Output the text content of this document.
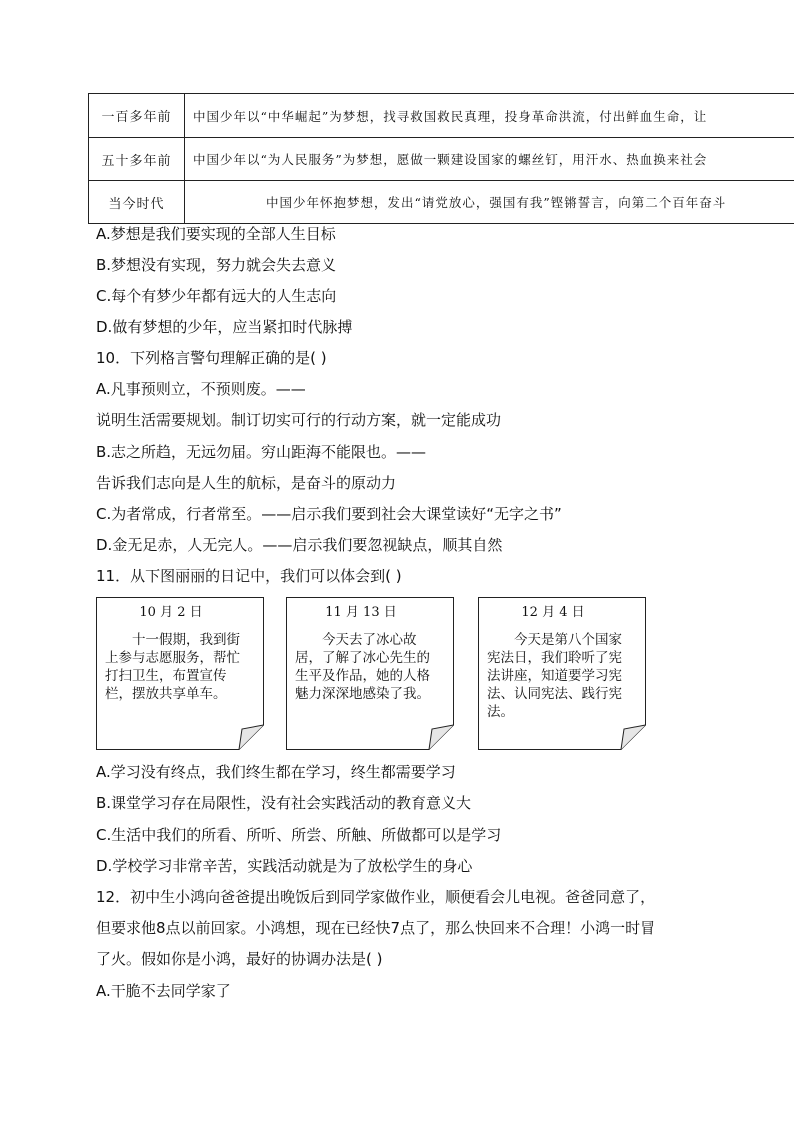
一百多年前	中国少年以“中华崛起”为梦想，找寻救国救民真理，投身革命洪流，付出鲜血生命，让
五十多年前	中国少年以“为人民服务”为梦想，愿做一颗建设国家的螺丝钉，用汗水、热血换来社会
当今时代	中国少年怀抱梦想，发出“请党放心，强国有我”铿锵誓言，向第二个百年奋斗
A.梦想是我们要实现的全部人生目标
B.梦想没有实现，努力就会失去意义
C.每个有梦少年都有远大的人生志向
D.做有梦想的少年，应当紧扣时代脉搏
10．下列格言警句理解正确的是( )
A.凡事预则立，不预则废。——
说明生活需要规划。制订切实可行的行动方案，就一定能成功
B.志之所趋，无远勿届。穷山距海不能限也。——
告诉我们志向是人生的航标，是奋斗的原动力
C.为者常成，行者常至。——启示我们要到社会大课堂读好“无字之书”
D.金无足赤，人无完人。——启示我们要忽视缺点，顺其自然
11．从下图丽丽的日记中，我们可以体会到( )
10 月 2 日
十一假期，我到街上参与志愿服务，帮忙打扫卫生，布置宣传栏，摆放共享单车。
11 月 13 日
今天去了冰心故居，了解了冰心先生的生平及作品，她的人格魅力深深地感染了我。
12 月 4 日
今天是第八个国家宪法日，我们聆听了宪法讲座，知道要学习宪法、认同宪法、践行宪法。
A.学习没有终点，我们终生都在学习，终生都需要学习
B.课堂学习存在局限性，没有社会实践活动的教育意义大
C.生活中我们的所看、所听、所尝、所触、所做都可以是学习
D.学校学习非常辛苦，实践活动就是为了放松学生的身心
12．初中生小鸿向爸爸提出晚饭后到同学家做作业，顺便看会儿电视。爸爸同意了，
但要求他8点以前回家。小鸿想，现在已经快7点了，那么快回来不合理！小鸿一时冒
了火。假如你是小鸿，最好的协调办法是( )
A.干脆不去同学家了
